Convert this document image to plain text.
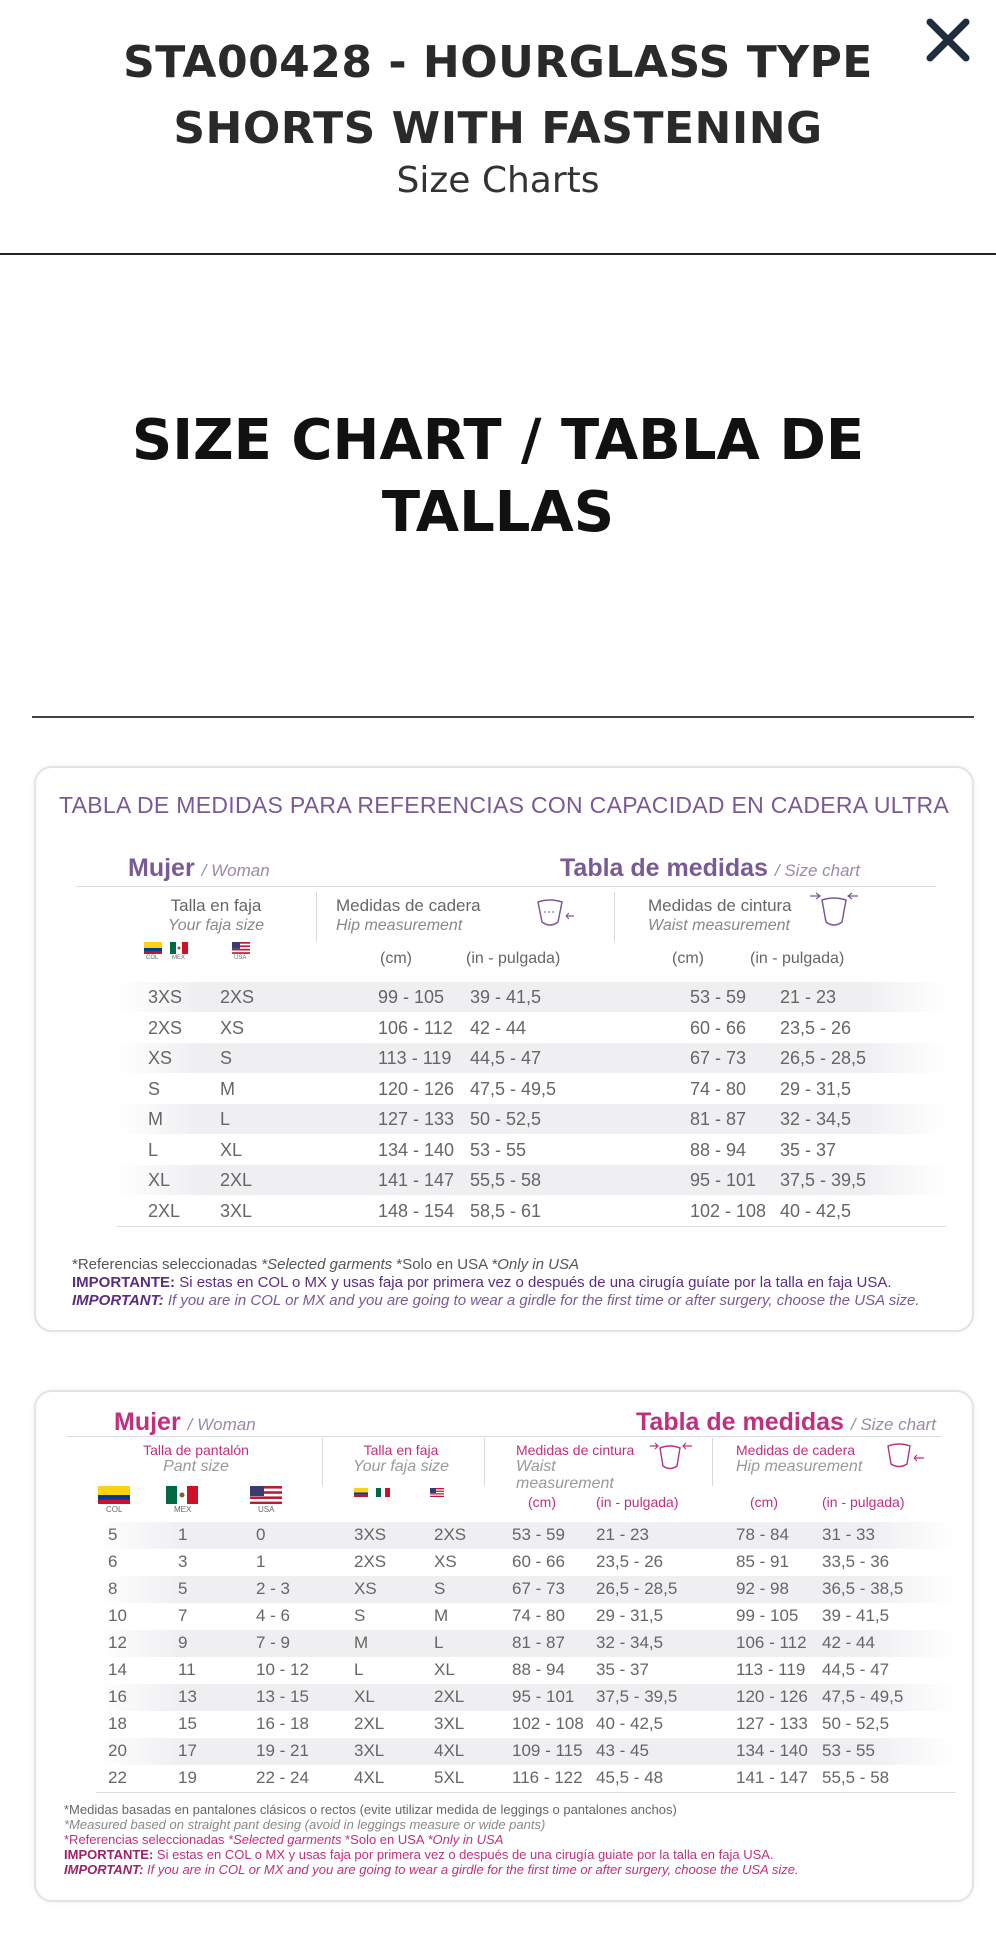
STA00428 - HOURGLASS TYPE SHORTS WITH FASTENING
Size Charts
SIZE CHART / TABLA DE TALLAS
TABLA DE MEDIDAS PARA REFERENCIAS CON CAPACIDAD EN CADERA ULTRA
Mujer / Woman	Tabla de medidas / Size chart
Talla en faja
Your faja size
Medidas de cadera
Hip measurement
Medidas de cintura
Waist measurement
COL MEX	USA	(cm)	(in - pulgada)	(cm)	(in - pulgada)
3XS 2XS	99 - 105 39 - 41,5	53 - 59 21 - 23
2XS XS	106 - 112 42 - 44	60 - 66 23,5 - 26
XS	S	113 - 119 44,5 - 47	67 - 73 26,5 - 28,5
S	M	120 - 126 47,5 - 49,5	74 - 80 29 - 31,5
M	L	127 - 133 50 - 52,5	81 - 87 32 - 34,5
L	XL	134 - 140 53 - 55	88 - 94 35 - 37
XL	2XL	141 - 147 55,5 - 58	95 - 101 37,5 - 39,5
2XL 3XL	148 - 154 58,5 - 61	102 - 108 40 - 42,5
*Referencias seleccionadas *Selected garments *Solo en USA *Only in USA
IMPORTANTE: Si estas en COL o MX y usas faja por primera vez o después de una cirugía guíate por la talla en faja USA.
IMPORTANT: If you are in COL or MX and you are going to wear a girdle for the first time or after surgery, choose the USA size.
Mujer / Woman	Tabla de medidas / Size chart
Talla de pantalón
Pant size
Talla en faja
Your faja size
Medidas de cintura
Waist measurement
Medidas de cadera
Hip measurement
COL	MEX	USA	(cm)	(in - pulgada)	(cm)	(in - pulgada)
5	1	0	3XS	2XS	53 - 59 21 - 23	78 - 84 31 - 33
6	3	1	2XS	XS	60 - 66 23,5 - 26	85 - 91 33,5 - 36
8	5	2 - 3	XS	S	67 - 73 26,5 - 28,5	92 - 98 36,5 - 38,5
10	7	4 - 6	S	M	74 - 80 29 - 31,5	99 - 105 39 - 41,5
12	9	7 - 9	M	L	81 - 87 32 - 34,5	106 - 112 42 - 44
14	11	10 - 12	L	XL	88 - 94 35 - 37	113 - 119 44,5 - 47
16	13	13 - 15	XL	2XL	95 - 101 37,5 - 39,5	120 - 126 47,5 - 49,5
18	15	16 - 18	2XL	3XL	102 - 108 40 - 42,5	127 - 133 50 - 52,5
20	17	19 - 21	3XL	4XL	109 - 115 43 - 45	134 - 140 53 - 55
22	19	22 - 24	4XL	5XL	116 - 122 45,5 - 48	141 - 147 55,5 - 58
*Medidas basadas en pantalones clásicos o rectos (evite utilizar medida de leggings o pantalones anchos)
*Measured based on straight pant desing (avoid in leggings measure or wide pants)
*Referencias seleccionadas *Selected garments *Solo en USA *Only in USA
IMPORTANTE: Si estas en COL o MX y usas faja por primera vez o después de una cirugía guiate por la talla en faja USA.
IMPORTANT: If you are in COL or MX and you are going to wear a girdle for the first time or after surgery, choose the USA size.
